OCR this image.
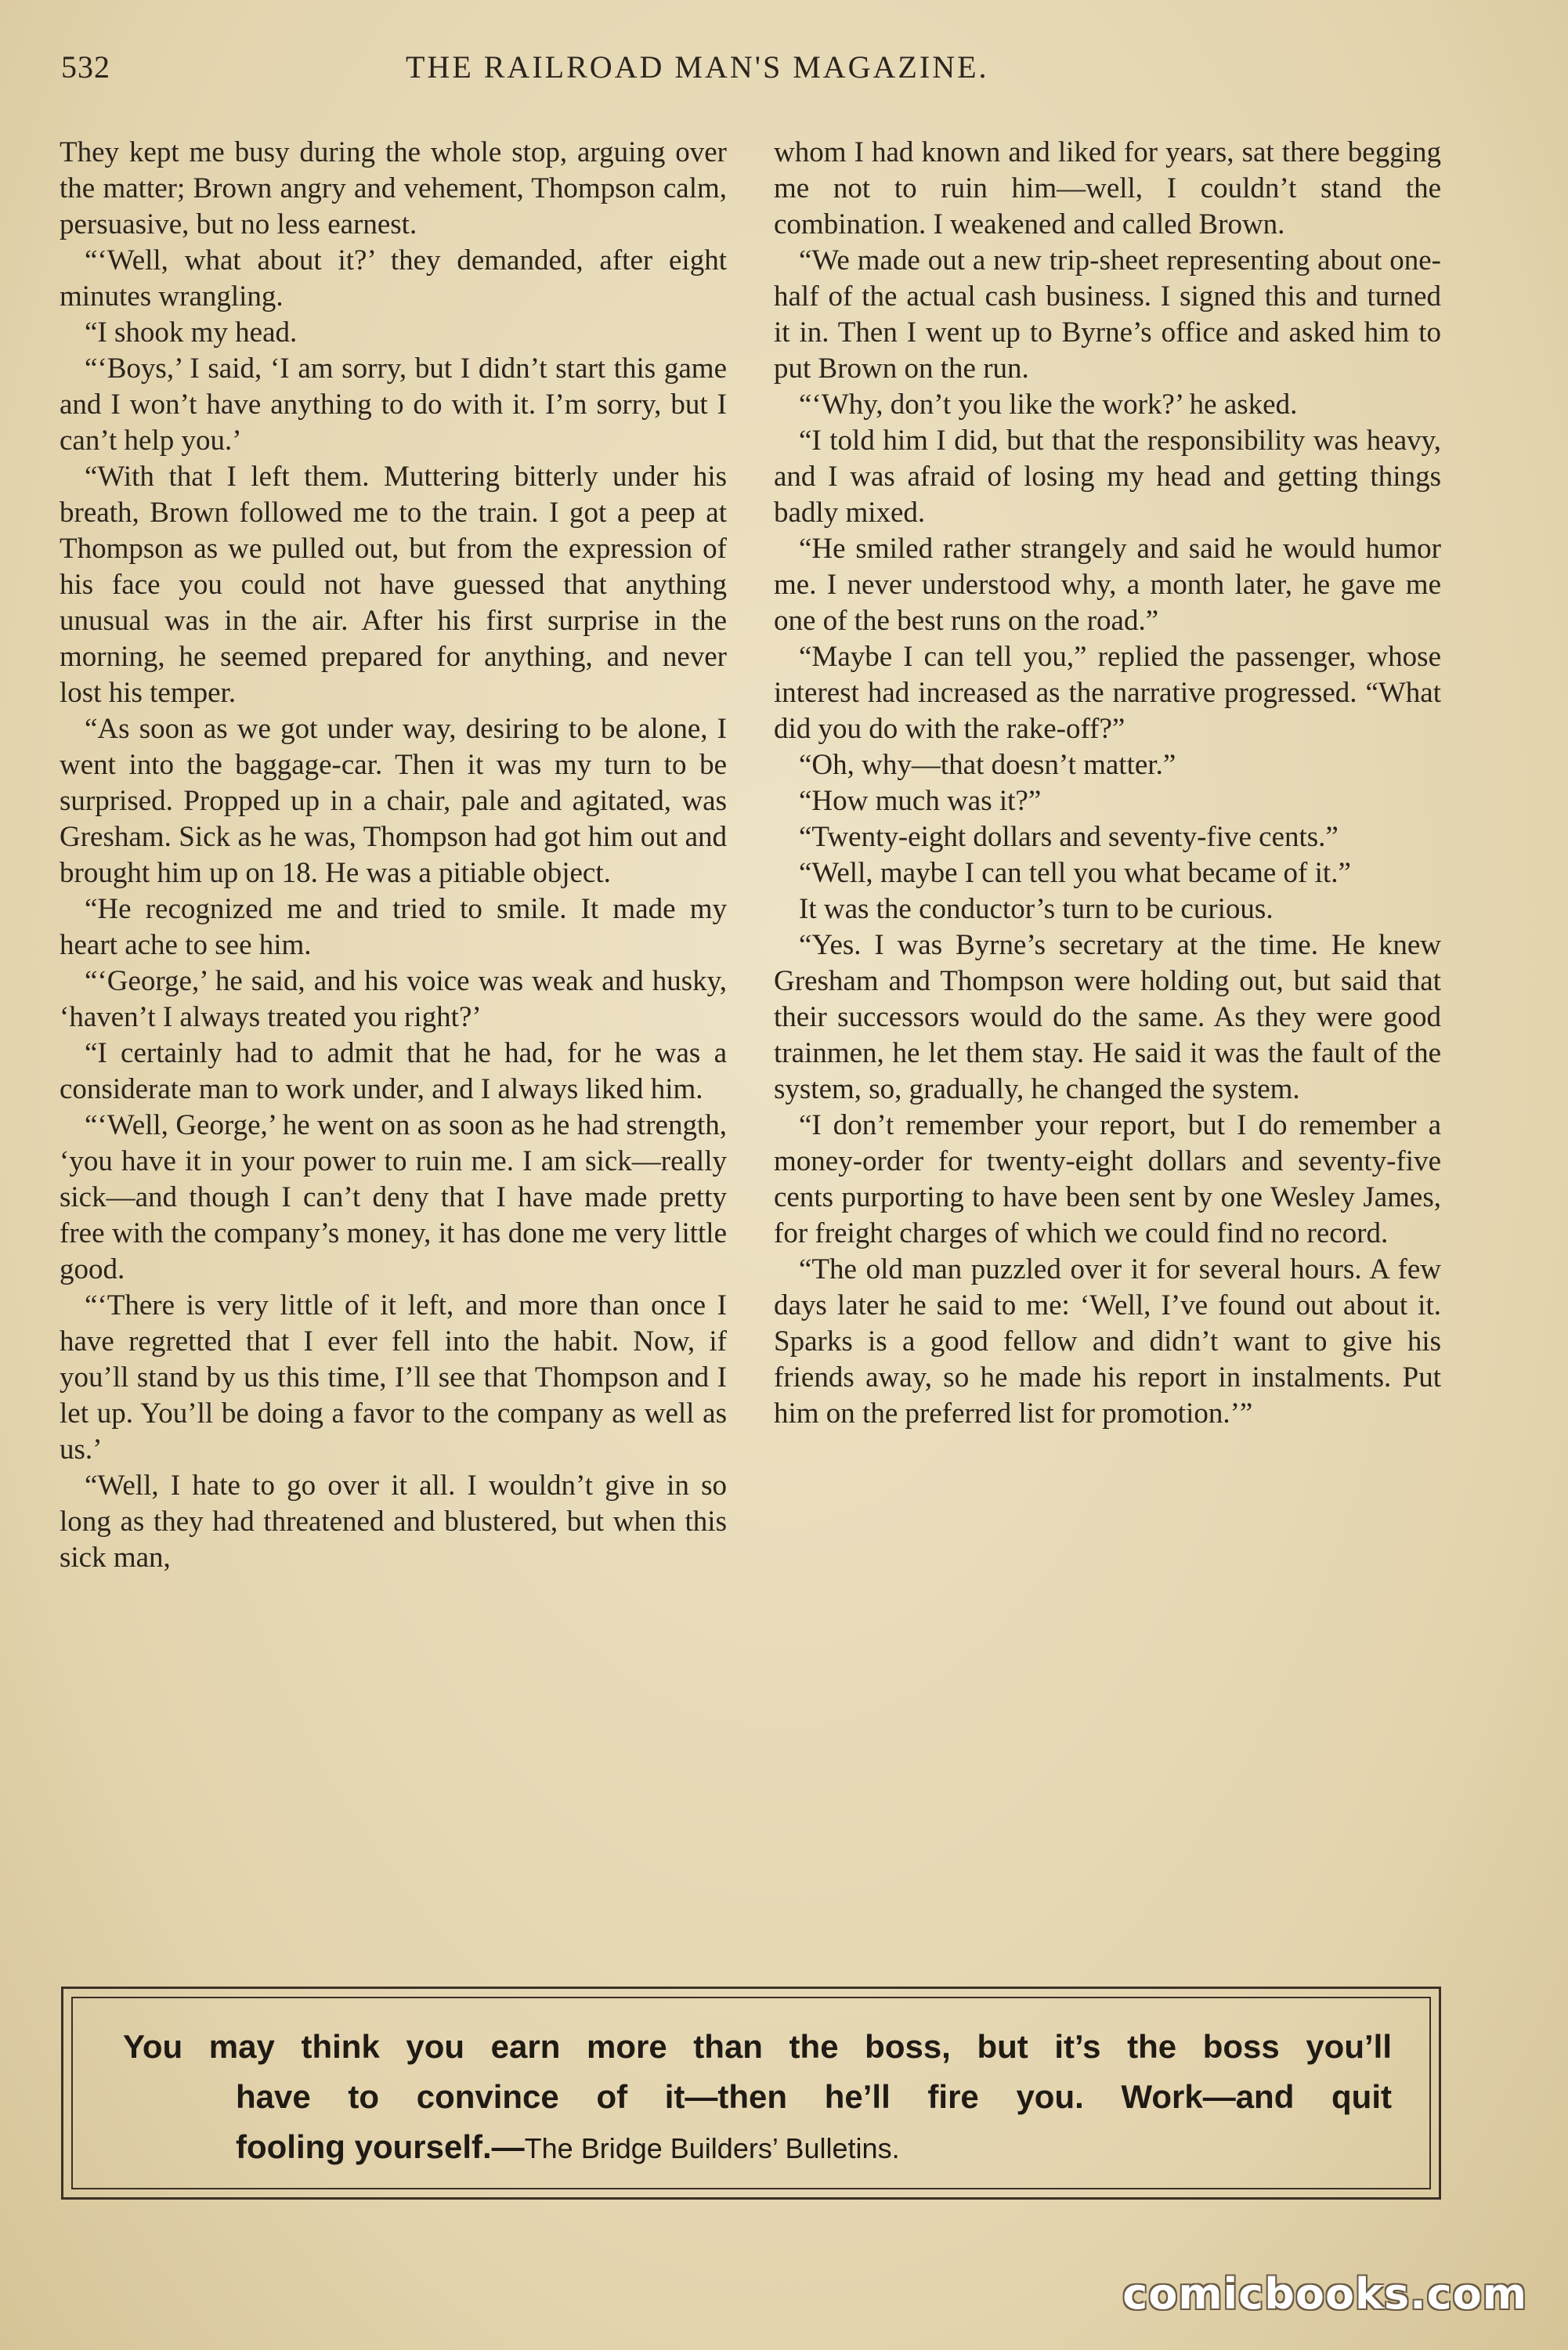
532	THE RAILROAD MAN'S MAGAZINE.

They kept me busy during the whole stop, arguing over the matter; Brown angry and vehement, Thompson calm, persuasive, but no less earnest.

“‘Well, what about it?’ they demanded, after eight minutes wrangling.

“I shook my head.

“‘Boys,’ I said, ‘I am sorry, but I didn’t start this game and I won’t have anything to do with it. I’m sorry, but I can’t help you.’

“With that I left them. Muttering bitterly under his breath, Brown followed me to the train. I got a peep at Thompson as we pulled out, but from the expression of his face you could not have guessed that anything unusual was in the air. After his first surprise in the morning, he seemed prepared for anything, and never lost his temper.

“As soon as we got under way, desiring to be alone, I went into the baggage-car. Then it was my turn to be surprised. Propped up in a chair, pale and agitated, was Gresham. Sick as he was, Thompson had got him out and brought him up on 18. He was a pitiable object.

“He recognized me and tried to smile. It made my heart ache to see him.

“‘George,’ he said, and his voice was weak and husky, ‘haven’t I always treated you right?’

“I certainly had to admit that he had, for he was a considerate man to work under, and I always liked him.

“‘Well, George,’ he went on as soon as he had strength, ‘you have it in your power to ruin me. I am sick—really sick—and though I can’t deny that I have made pretty free with the company’s money, it has done me very little good.

“‘There is very little of it left, and more than once I have regretted that I ever fell into the habit. Now, if you’ll stand by us this time, I’ll see that Thompson and I let up. You’ll be doing a favor to the company as well as us.’

“Well, I hate to go over it all. I wouldn’t give in so long as they had threatened and blustered, but when this sick man,

whom I had known and liked for years, sat there begging me not to ruin him—well, I couldn’t stand the combination. I weakened and called Brown.

“We made out a new trip-sheet representing about one-half of the actual cash business. I signed this and turned it in. Then I went up to Byrne’s office and asked him to put Brown on the run.

“‘Why, don’t you like the work?’ he asked.

“I told him I did, but that the responsibility was heavy, and I was afraid of losing my head and getting things badly mixed.

“He smiled rather strangely and said he would humor me. I never understood why, a month later, he gave me one of the best runs on the road.”

“Maybe I can tell you,” replied the passenger, whose interest had increased as the narrative progressed. “What did you do with the rake-off?”

“Oh, why—that doesn’t matter.”

“How much was it?”

“Twenty-eight dollars and seventy-five cents.”

“Well, maybe I can tell you what became of it.”

It was the conductor’s turn to be curious.

“Yes. I was Byrne’s secretary at the time. He knew Gresham and Thompson were holding out, but said that their successors would do the same. As they were good trainmen, he let them stay. He said it was the fault of the system, so, gradually, he changed the system.

“I don’t remember your report, but I do remember a money-order for twenty-eight dollars and seventy-five cents purporting to have been sent by one Wesley James, for freight charges of which we could find no record.

“The old man puzzled over it for several hours. A few days later he said to me: ‘Well, I’ve found out about it. Sparks is a good fellow and didn’t want to give his friends away, so he made his report in instalments. Put him on the preferred list for promotion.’”

You may think you earn more than the boss, but it’s the boss you’ll
have to convince of it—then he’ll fire you. Work—and quit
fooling yourself.—The Bridge Builders’ Bulletins.
comicbooks.com
